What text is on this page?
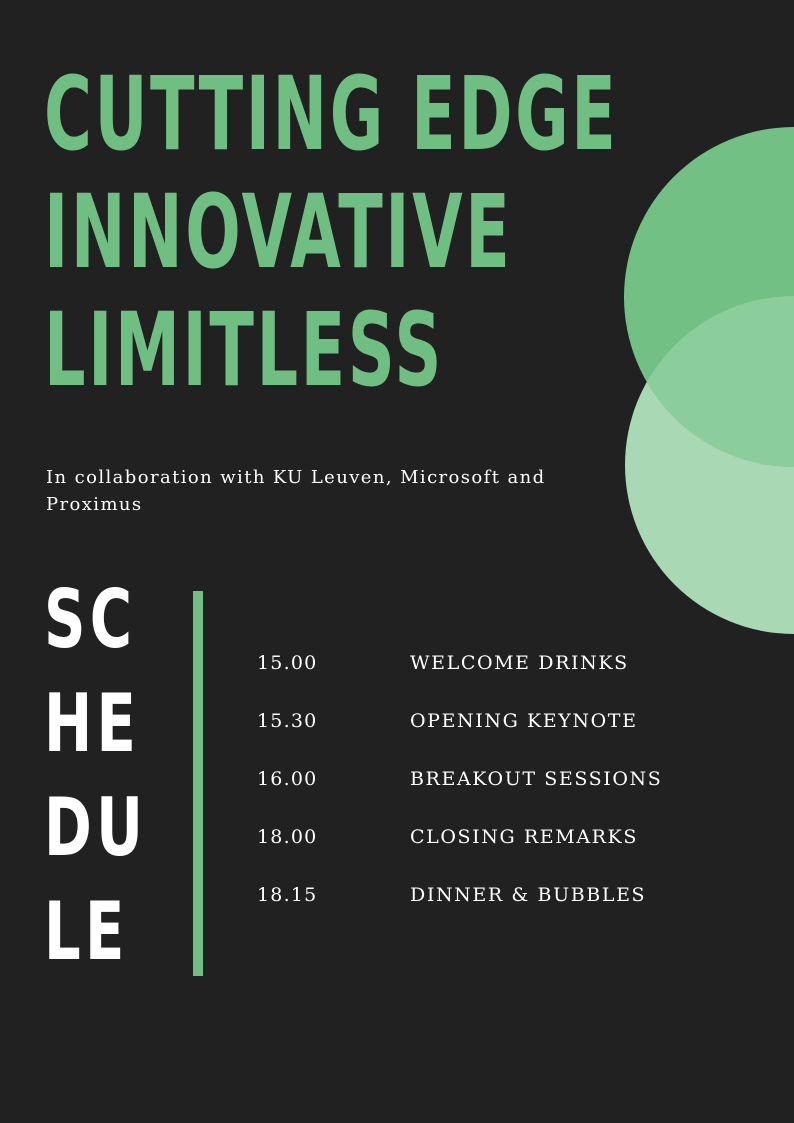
CUTTING EDGE
INNOVATIVE
LIMITLESS

In collaboration with KU Leuven, Microsoft and Proximus

SC
HE
DU
LE
15.00	WELCOME DRINKS
15.30	OPENING KEYNOTE
16.00	BREAKOUT SESSIONS
18.00	CLOSING REMARKS
18.15	DINNER & BUBBLES
